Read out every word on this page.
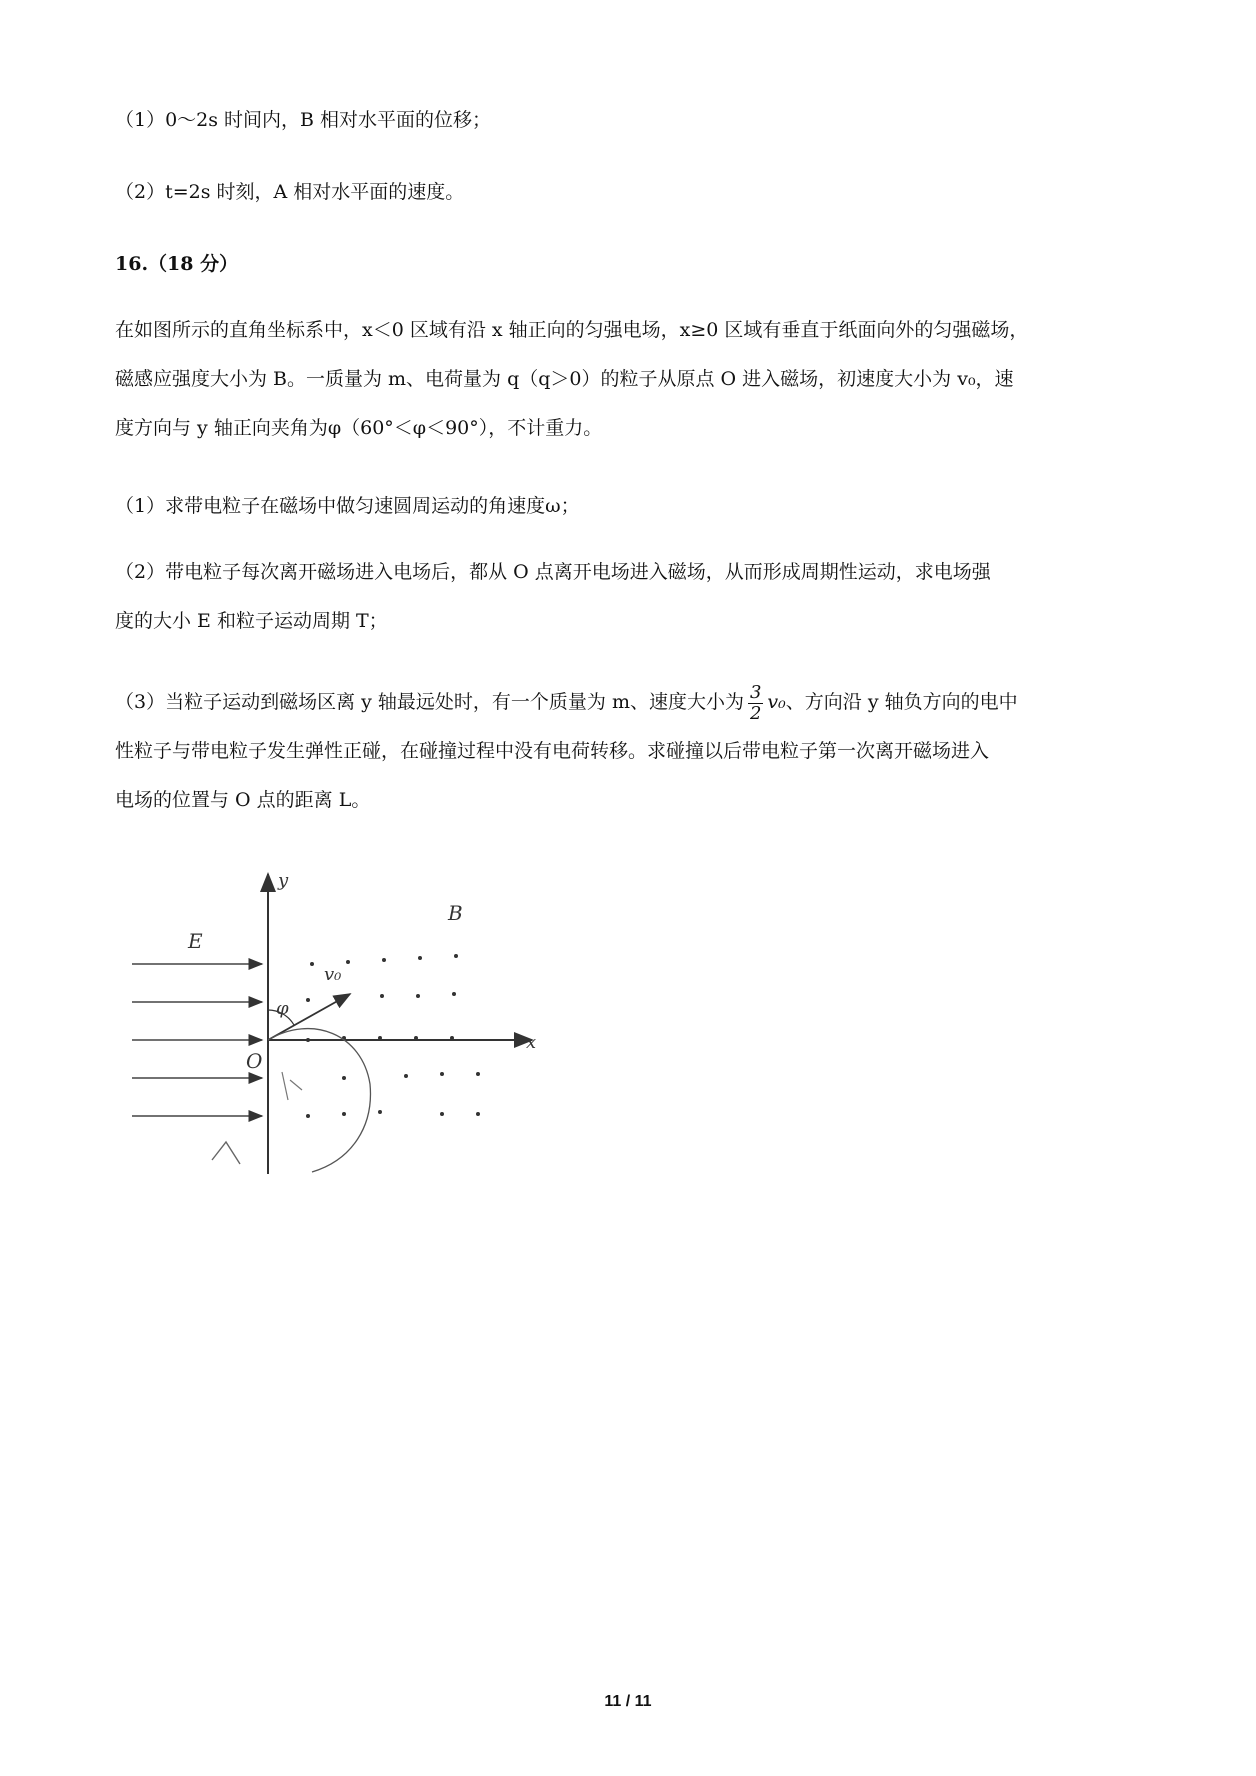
（1）0～2s 时间内，B 相对水平面的位移；
（2）t=2s 时刻，A 相对水平面的速度。
16.（18 分）
在如图所示的直角坐标系中，x＜0 区域有沿 x 轴正向的匀强电场，x≥0 区域有垂直于纸面向外的匀强磁场，
磁感应强度大小为 B。一质量为 m、电荷量为 q（q＞0）的粒子从原点 O 进入磁场，初速度大小为 v₀，速
度方向与 y 轴正向夹角为φ（60°＜φ＜90°），不计重力。
（1）求带电粒子在磁场中做匀速圆周运动的角速度ω；
（2）带电粒子每次离开磁场进入电场后，都从 O 点离开电场进入磁场，从而形成周期性运动，求电场强
度的大小 E 和粒子运动周期 T；
（3）当粒子运动到磁场区离 y 轴最远处时，有一个质量为 m、速度大小为 $\frac{3}{2} v_0$、方向沿 y 轴负方向的电中
性粒子与带电粒子发生弹性正碰，在碰撞过程中没有电荷转移。求碰撞以后带电粒子第一次离开磁场进入
电场的位置与 O 点的距离 L。
y
x
E
B
v₀
φ
O
11 / 11
